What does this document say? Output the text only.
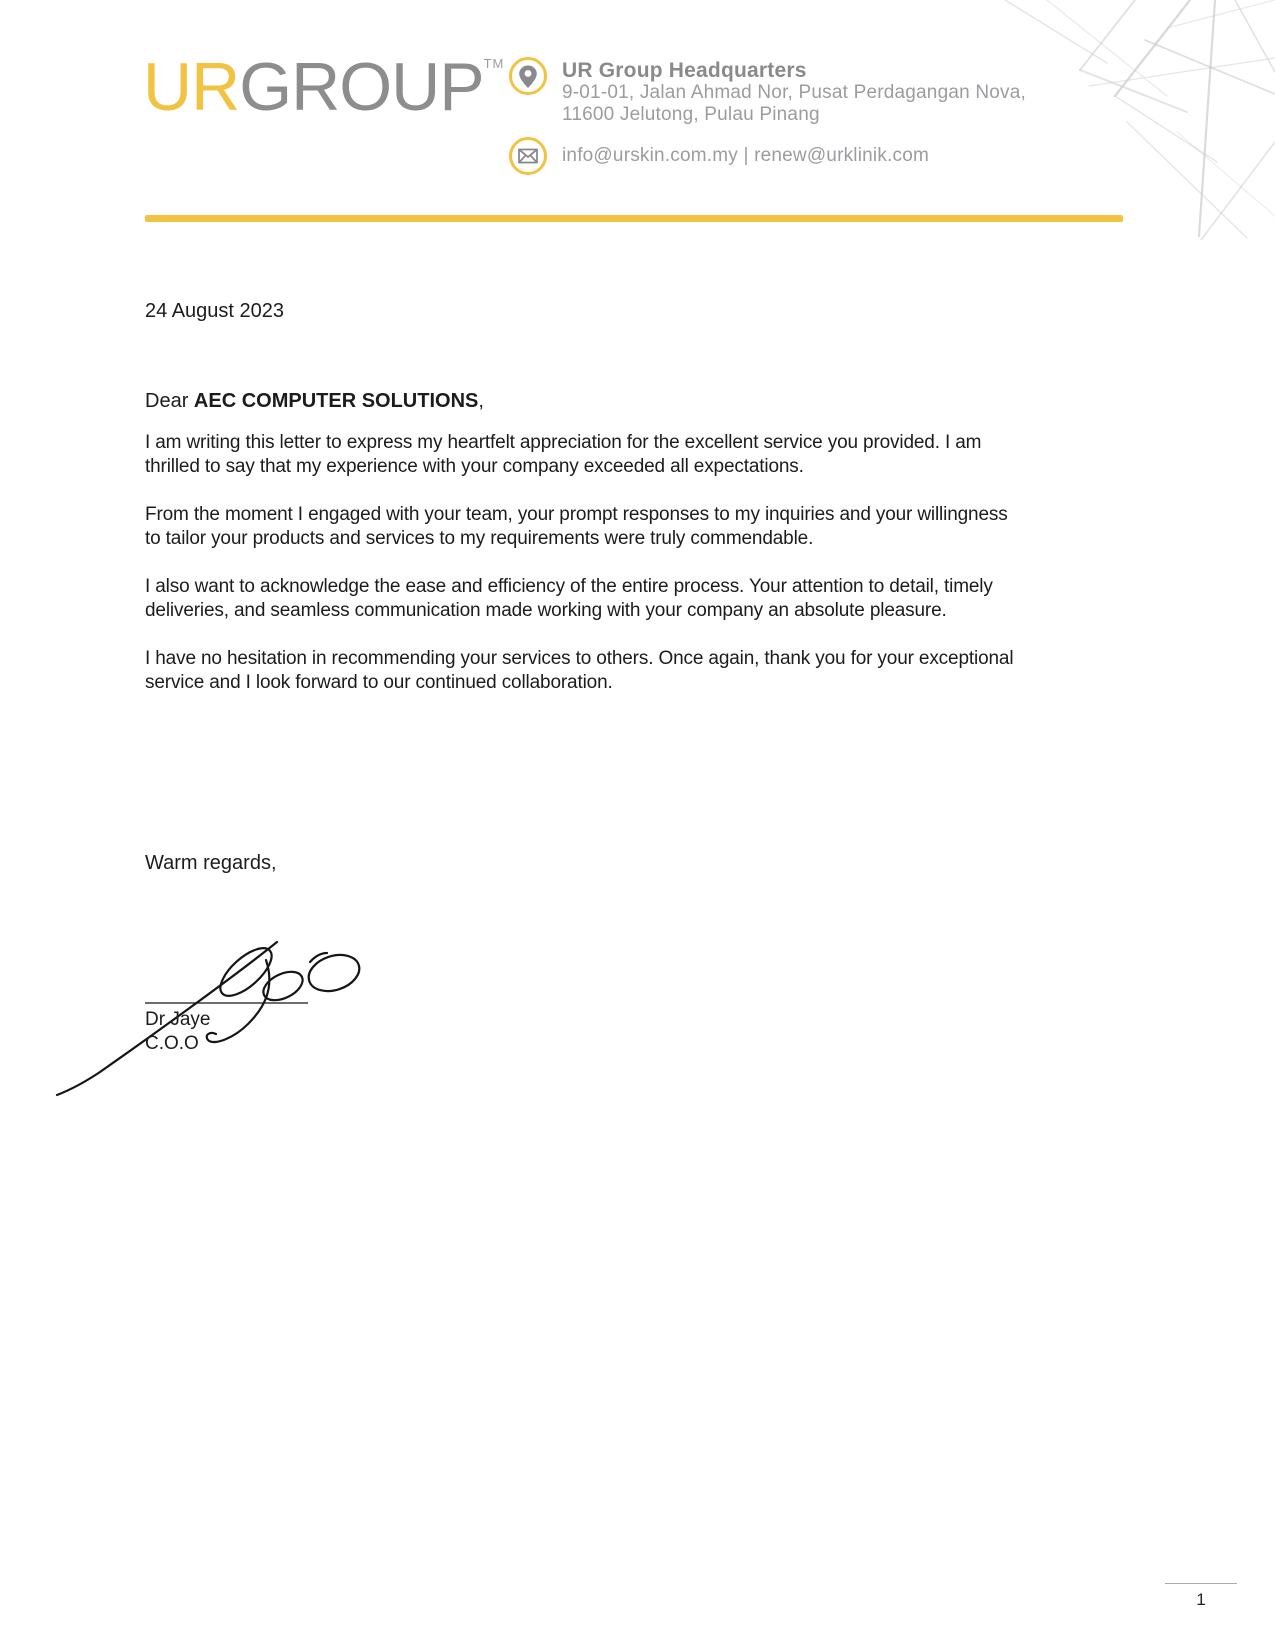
URGROUP™	UR Group Headquarters
9-01-01, Jalan Ahmad Nor, Pusat Perdagangan Nova,
11600 Jelutong, Pulau Pinang
info@urskin.com.my | renew@urklinik.com
24 August 2023
Dear AEC COMPUTER SOLUTIONS,
I am writing this letter to express my heartfelt appreciation for the excellent service you provided. I am
thrilled to say that my experience with your company exceeded all expectations.
From the moment I engaged with your team, your prompt responses to my inquiries and your willingness
to tailor your products and services to my requirements were truly commendable.
I also want to acknowledge the ease and efficiency of the entire process. Your attention to detail, timely
deliveries, and seamless communication made working with your company an absolute pleasure.
I have no hesitation in recommending your services to others. Once again, thank you for your exceptional
service and I look forward to our continued collaboration.
Warm regards,
Dr Jaye
C.O.O
1
